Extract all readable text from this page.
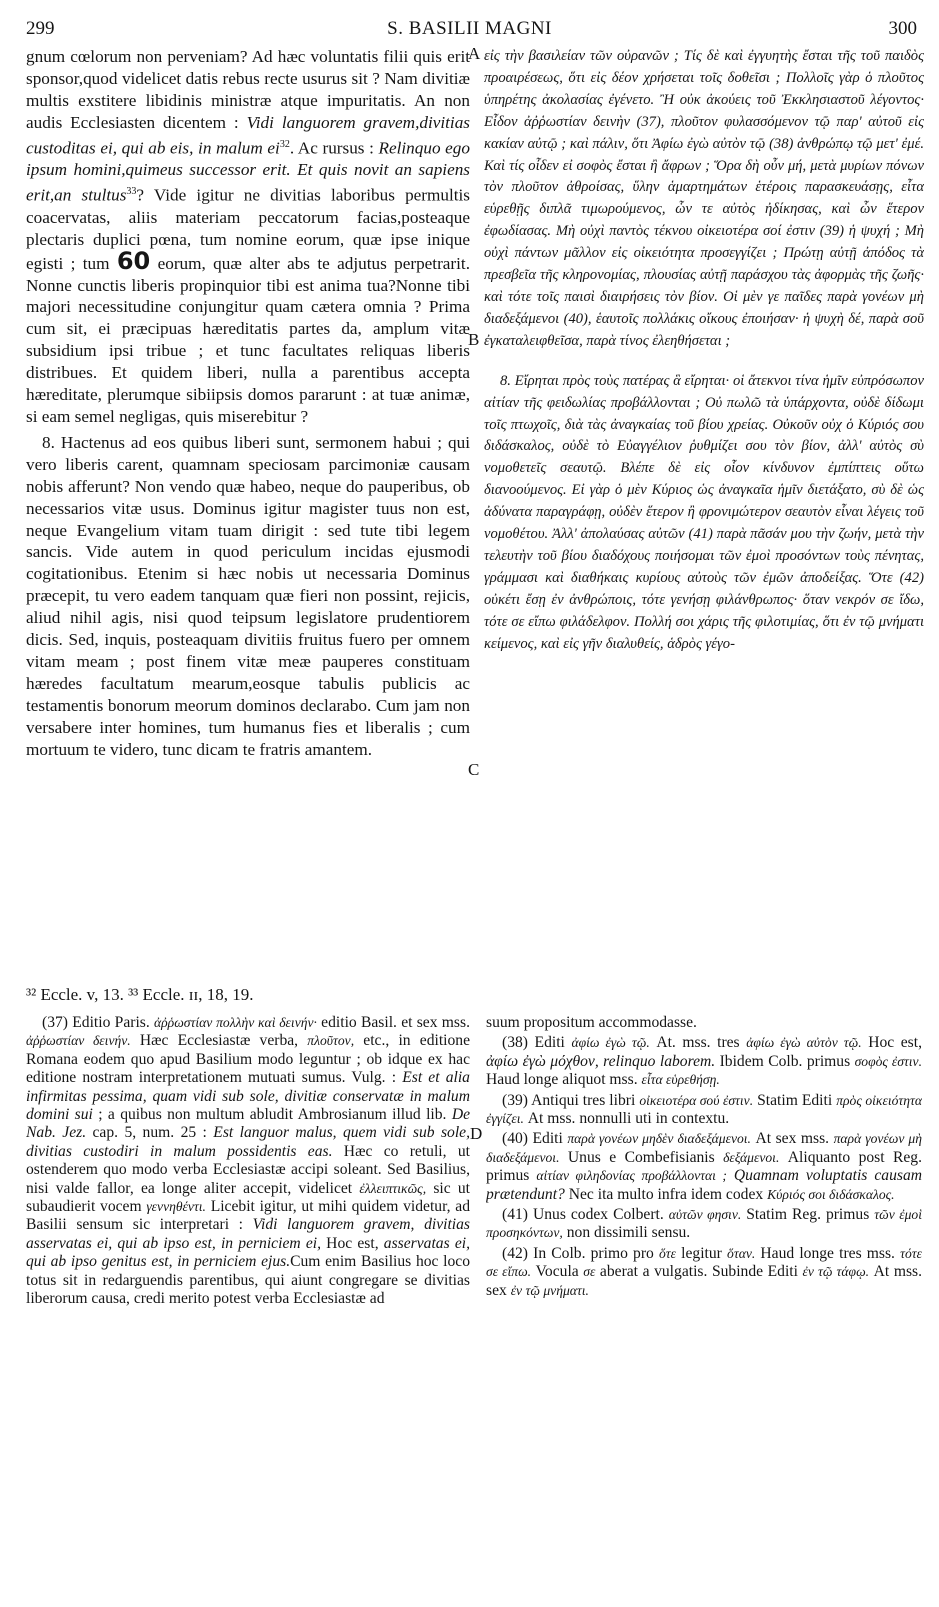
299	S. BASILII MAGNI	300
A
B
C
D

gnum cœlorum non perveniam? Ad hæc voluntatis filii quis erit sponsor,quod videlicet datis rebus recte usurus sit ? Nam divitiæ multis exstitere libidinis ministræ atque impuritatis. An non audis Ecclesiasten dicentem : Vidi languorem gravem,divitias custoditas ei, qui ab eis, in malum $ei^{32}$. Ac rursus : Relinquo ego ipsum homini,quimeus successor erit. Et quis novit an sapiens erit,an stultus$^{33}$? Vide igitur ne divitias laboribus permultis coacervatas, aliis materiam peccatorum facias,posteaque plectaris duplici pœna, tum nomine eorum, quæ ipse inique egisti ; tum 60 eorum, quæ alter abs te adjutus perpetrarit. Nonne cunctis liberis propinquior tibi est anima tua?Nonne tibi majori necessitudine conjungitur quam cætera omnia ? Prima cum sit, ei præcipuas hæreditatis partes da, amplum vitæ subsidium ipsi tribue ; et tunc facultates reliquas liberis distribues. Et quidem liberi, nulla a parentibus accepta hæreditate, plerumque sibiipsis domos pararunt : at tuæ animæ, si eam semel negligas, quis miserebitur ?

8. Hactenus ad eos quibus liberi sunt, sermonem habui ; qui vero liberis carent, quamnam speciosam parcimoniæ causam nobis afferunt? Non vendo quæ habeo, neque do pauperibus, ob necessarios vitæ usus. Dominus igitur magister tuus non est, neque Evangelium vitam tuam dirigit : sed tute tibi legem sancis. Vide autem in quod periculum incidas ejusmodi cogitationibus. Etenim si hæc nobis ut necessaria Dominus præcepit, tu vero eadem tanquam quæ fieri non possint, rejicis, aliud nihil agis, nisi quod teipsum legislatore prudentiorem dicis. Sed, inquis, posteaquam divitiis fruitus fuero per omnem vitam meam ; post finem vitæ meæ pauperes constituam hæredes facultatum mearum,eosque tabulis publicis ac testamentis bonorum meorum dominos declarabo. Cum jam non versabere inter homines, tum humanus fies et liberalis ; cum mortuum te videro, tunc dicam te fratris amantem.

³² Eccle. v, 13. ³³ Eccle. ɪɪ, 18, 19.

εἰς τὴν βασιλείαν τῶν οὐρανῶν ; Τίς δὲ καὶ ἐγγυητὴς ἔσται τῆς τοῦ παιδὸς προαιρέσεως, ὅτι εἰς δέον χρήσεται τοῖς δοθεῖσι ; Πολλοῖς γὰρ ὁ πλοῦτος ὑπηρέτης ἀκολασίας ἐγένετο. Ἢ οὐκ ἀκούεις τοῦ Ἐκκλησιαστοῦ λέγοντος· Εἶδον ἀῤῥωστίαν δεινὴν (37), πλοῦτον φυλασσόμενον τῷ παρ' αὐτοῦ εἰς κακίαν αὐτῷ ; καὶ πάλιν, ὅτι Ἀφίω ἐγὼ αὐτὸν τῷ (38) ἀνθρώπῳ τῷ μετ' ἐμέ. Καὶ τίς οἶδεν εἰ σοφὸς ἔσται ἢ ἄφρων ; Ὅρα δὴ οὖν μή, μετὰ μυρίων πόνων τὸν πλοῦτον ἀθροίσας, ὕλην ἁμαρτημάτων ἑτέροις παρασκευάσῃς, εἶτα εὑρεθῇς διπλᾶ τιμωρούμενος, ὧν τε αὐτὸς ἠδίκησας, καὶ ὧν ἕτερον ἐφωδίασας. Μὴ οὐχὶ παντὸς τέκνου οἰκειοτέρα σοί ἐστιν (39) ἡ ψυχή ; Μὴ οὐχὶ πάντων μᾶλλον εἰς οἰκειότητα προσεγγίζει ; Πρώτῃ αὐτῇ ἀπόδος τὰ πρεσβεῖα τῆς κληρονομίας, πλουσίας αὐτῇ παράσχου τὰς ἀφορμὰς τῆς ζωῆς· καὶ τότε τοῖς παισὶ διαιρήσεις τὸν βίον. Οἱ μὲν γε παῖδες παρὰ γονέων μὴ διαδεξάμενοι (40), ἑαυτοῖς πολλάκις οἴκους ἐποιήσαν· ἡ ψυχὴ δέ, παρὰ σοῦ ἐγκαταλειφθεῖσα, παρὰ τίνος ἐλεηθήσεται ;

8. Εἴρηται πρὸς τοὺς πατέρας ἃ εἴρηται· οἱ ἄτεκνοι τίνα ἡμῖν εὐπρόσωπον αἰτίαν τῆς φειδωλίας προβάλλονται ; Οὐ πωλῶ τὰ ὑπάρχοντα, οὐδὲ δίδωμι τοῖς πτωχοῖς, διὰ τὰς ἀναγκαίας τοῦ βίου χρείας. Οὐκοῦν οὐχ ὁ Κύριός σου διδάσκαλος, οὐδὲ τὸ Εὐαγγέλιον ῥυθμίζει σου τὸν βίον, ἀλλ' αὐτὸς σὺ νομοθετεῖς σεαυτῷ. Βλέπε δὲ εἰς οἷον κίνδυνον ἐμπίπτεις οὕτω διανοούμενος. Εἰ γὰρ ὁ μὲν Κύριος ὡς ἀναγκαῖα ἡμῖν διετάξατο, σὺ δὲ ὡς ἀδύνατα παραγράφῃ, οὐδὲν ἕτερον ἢ φρονιμώτερον σεαυτὸν εἶναι λέγεις τοῦ νομοθέτου. Ἀλλ' ἀπολαύσας αὐτῶν (41) παρὰ πᾶσάν μου τὴν ζωήν, μετὰ τὴν τελευτὴν τοῦ βίου διαδόχους ποιήσομαι τῶν ἐμοὶ προσόντων τοὺς πένητας, γράμμασι καὶ διαθήκαις κυρίους αὐτοὺς τῶν ἐμῶν ἀποδείξας. Ὅτε (42) οὐκέτι ἔσῃ ἐν ἀνθρώποις, τότε γενήσῃ φιλάνθρωπος· ὅταν νεκρόν σε ἴδω, τότε σε εἴπω φιλάδελφον. Πολλή σοι χάρις τῆς φιλοτιμίας, ὅτι ἐν τῷ μνήματι κείμενος, καὶ εἰς γῆν διαλυθείς, ἁδρὸς γέγο-

(37) Editio Paris. ἀῤῥωστίαν πολλὴν καὶ δεινήν· editio Basil. et sex mss. ἀῤῥωστίαν δεινήν. Hæc Ecclesiastæ verba, πλοῦτον, etc., in editione Romana eodem quo apud Basilium modo leguntur ; ob idque ex hac editione nostram interpretationem mutuati sumus. Vulg. : Est et alia infirmitas pessima, quam vidi sub sole, divitiæ conservatæ in malum domini sui ; a quibus non multum abludit Ambrosianum illud lib. De Nab. Jez. cap. 5, num. 25 : Est languor malus, quem vidi sub sole, divitias custodiri in malum possidentis eas. Hæc co retuli, ut ostenderem quo modo verba Ecclesiastæ accipi soleant. Sed Basilius, nisi valde fallor, ea longe aliter accepit, videlicet ἐλλειπτικῶς, sic ut subaudierit vocem γεννηθέντι. Licebit igitur, ut mihi quidem videtur, ad Basilii sensum sic interpretari : Vidi languorem gravem, divitias asservatas ei, qui ab ipso est, in perniciem ei, Hoc est, asservatas ei, qui ab ipso genitus est, in perniciem ejus.Cum enim Basilius hoc loco totus sit in redarguendis parentibus, qui aiunt congregare se divitias liberorum causa, credi merito potest verba Ecclesiastæ ad

suum propositum accommodasse.

(38) Editi ἀφίω ἐγὼ τῷ. At. mss. tres ἀφίω ἐγὼ αὐτὸν τῷ. Hoc est, ἀφίω ἐγὼ μόχθον, relinquo laborem. Ibidem Colb. primus σοφὸς ἐστιν. Haud longe aliquot mss. εἶτα εὑρεθήσῃ.

(39) Antiqui tres libri οἰκειοτέρα σού ἐστιν. Statim Editi πρὸς οἰκειότητα ἐγγίζει. At mss. nonnulli uti in contextu.

(40) Editi παρὰ γονέων μηδὲν διαδεξάμενοι. At sex mss. παρὰ γονέων μὴ διαδεξάμενοι. Unus e Combefisianis δεξάμενοι. Aliquanto post Reg. primus αἰτίαν φιληδονίας προβάλλονται ; Quamnam voluptatis causam prætendunt? Nec ita multo infra idem codex Κύριός σοι διδάσκαλος.

(41) Unus codex Colbert. αὐτῶν φησιν. Statim Reg. primus τῶν ἐμοὶ προσηκόντων, non dissimili sensu.

(42) In Colb. primo pro ὅτε legitur ὅταν. Haud longe tres mss. τότε σε εἴπω. Vocula σε aberat a vulgatis. Subinde Editi ἐν τῷ τάφῳ. At mss. sex ἐν τῷ μνήματι.
